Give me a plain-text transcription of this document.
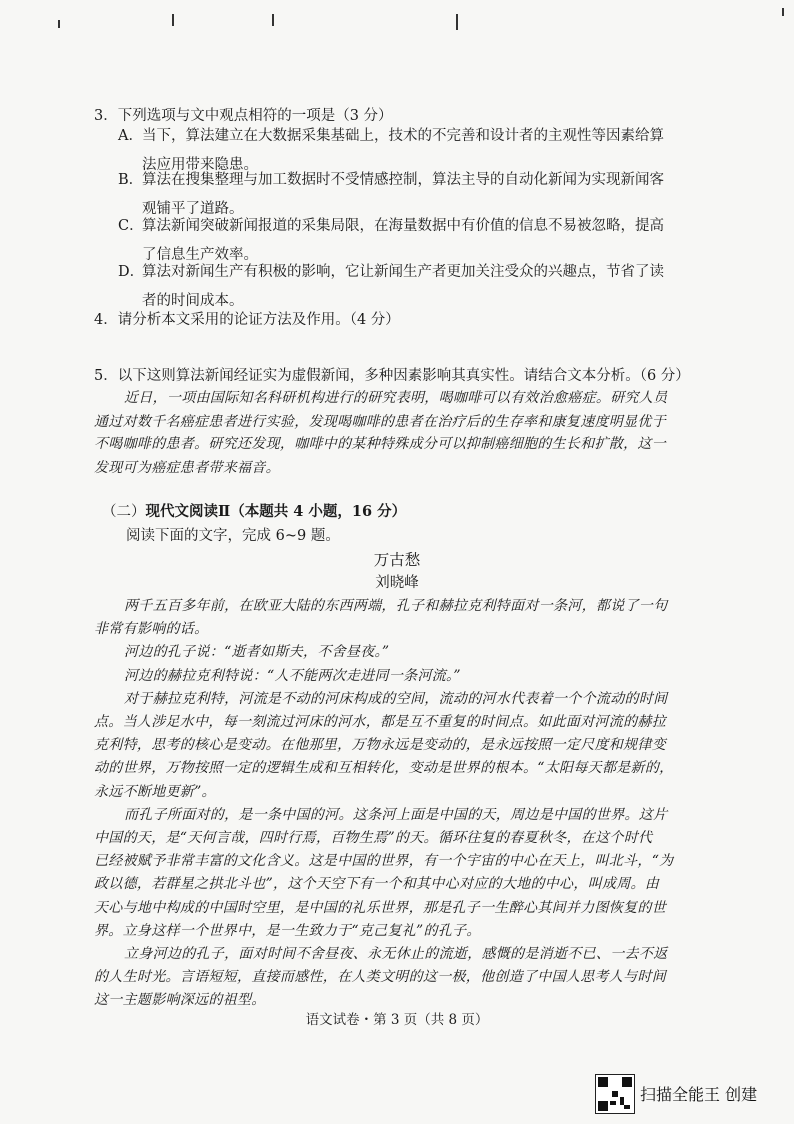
3．下列选项与文中观点相符的一项是（3 分）
A．当下，算法建立在大数据采集基础上，技术的不完善和设计者的主观性等因素给算
法应用带来隐患。
B．算法在搜集整理与加工数据时不受情感控制，算法主导的自动化新闻为实现新闻客
观铺平了道路。
C．算法新闻突破新闻报道的采集局限，在海量数据中有价值的信息不易被忽略，提高
了信息生产效率。
D．算法对新闻生产有积极的影响，它让新闻生产者更加关注受众的兴趣点，节省了读
者的时间成本。
4．请分析本文采用的论证方法及作用。（4 分）
5．以下这则算法新闻经证实为虚假新闻，多种因素影响其真实性。请结合文本分析。（6 分）
近日，一项由国际知名科研机构进行的研究表明，喝咖啡可以有效治愈癌症。研究人员
通过对数千名癌症患者进行实验，发现喝咖啡的患者在治疗后的生存率和康复速度明显优于
不喝咖啡的患者。研究还发现，咖啡中的某种特殊成分可以抑制癌细胞的生长和扩散，这一
发现可为癌症患者带来福音。
（二）现代文阅读Ⅱ（本题共 4 小题，16 分）
阅读下面的文字，完成 6~9 题。
万古愁
刘晓峰
两千五百多年前，在欧亚大陆的东西两端，孔子和赫拉克利特面对一条河，都说了一句
非常有影响的话。
河边的孔子说：“逝者如斯夫，不舍昼夜。”
河边的赫拉克利特说：“人不能两次走进同一条河流。”
对于赫拉克利特，河流是不动的河床构成的空间，流动的河水代表着一个个流动的时间
点。当人涉足水中，每一刻流过河床的河水，都是互不重复的时间点。如此面对河流的赫拉
克利特，思考的核心是变动。在他那里，万物永远是变动的，是永远按照一定尺度和规律变
动的世界，万物按照一定的逻辑生成和互相转化，变动是世界的根本。“太阳每天都是新的，
永远不断地更新”。
而孔子所面对的，是一条中国的河。这条河上面是中国的天，周边是中国的世界。这片
中国的天，是“天何言哉，四时行焉，百物生焉”的天。循环往复的春夏秋冬，在这个时代
已经被赋予非常丰富的文化含义。这是中国的世界，有一个宇宙的中心在天上，叫北斗，“为
政以德，若群星之拱北斗也”，这个天空下有一个和其中心对应的大地的中心，叫成周。由
天心与地中构成的中国时空里，是中国的礼乐世界，那是孔子一生醉心其间并力图恢复的世
界。立身这样一个世界中，是一生致力于“克己复礼”的孔子。
立身河边的孔子，面对时间不舍昼夜、永无休止的流逝，感慨的是消逝不已、一去不返
的人生时光。言语短短，直接而感性，在人类文明的这一极，他创造了中国人思考人与时间
这一主题影响深远的祖型。
语文试卷・第 3 页（共 8 页）
扫描全能王 创建
